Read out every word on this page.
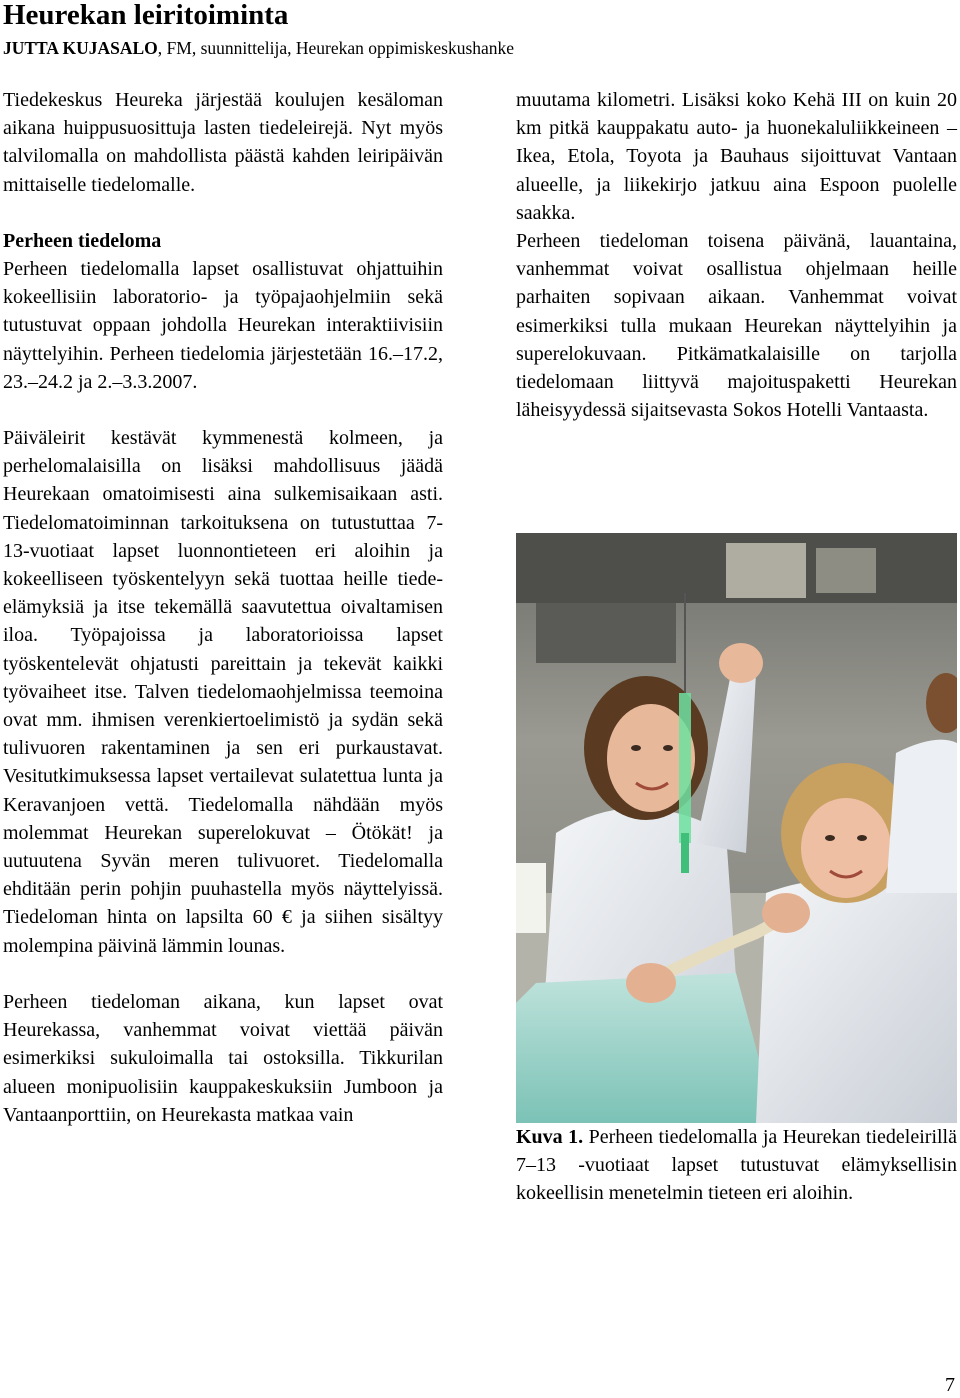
Heurekan leiritoiminta
JUTTA KUJASALO, FM, suunnittelija, Heurekan oppimiskeskushanke

Tiedekeskus Heureka järjestää koulujen kesäloman aikana huippusuosittuja lasten tiedeleirejä. Nyt myös talvilomalla on mahdollista päästä kahden leiripäivän mittaiselle tiedelomalle.

Perheen tiedeloma

Perheen tiedelomalla lapset osallistuvat ohjattuihin kokeellisiin laboratorio- ja työpajaohjelmiin sekä tutustuvat oppaan johdolla Heurekan interaktiivisiin näyttelyihin. Perheen tiedelomia järjestetään 16.–17.2, 23.–24.2 ja 2.–3.3.2007.

Päiväleirit kestävät kymmenestä kolmeen, ja perhelomalaisilla on lisäksi mahdollisuus jäädä Heurekaan omatoimisesti aina sulkemisaikaan asti. Tiedelomatoiminnan tarkoituksena on tutustuttaa 7-13-vuotiaat lapset luonnontieteen eri aloihin ja kokeelliseen työskentelyyn sekä tuottaa heille tiede-elämyksiä ja itse tekemällä saavutettua oivaltamisen iloa. Työpajoissa ja laboratorioissa lapset työskentelevät ohjatusti pareittain ja tekevät kaikki työvaiheet itse. Talven tiedelomaohjelmissa teemoina ovat mm. ihmisen verenkiertoelimistö ja sydän sekä tulivuoren rakentaminen ja sen eri purkaustavat. Vesitutkimuksessa lapset vertailevat sulatettua lunta ja Keravanjoen vettä. Tiedelomalla nähdään myös molemmat Heurekan superelokuvat – Ötökät! ja uutuutena Syvän meren tulivuoret. Tiedelomalla ehditään perin pohjin puuhastella myös näyttelyissä. Tiedeloman hinta on lapsilta 60 € ja siihen sisältyy molempina päivinä lämmin lounas.

Perheen tiedeloman aikana, kun lapset ovat Heurekassa, vanhemmat voivat viettää päivän esimerkiksi sukuloimalla tai ostoksilla. Tikkurilan alueen monipuolisiin kauppakeskuksiin Jumboon ja Vantaanporttiin, on Heurekasta matkaa vain

muutama kilometri. Lisäksi koko Kehä III on kuin 20 km pitkä kauppakatu auto- ja huonekaluliikkeineen – Ikea, Etola, Toyota ja Bauhaus sijoittuvat Vantaan alueelle, ja liikekirjo jatkuu aina Espoon puolelle saakka.

Perheen tiedeloman toisena päivänä, lauantaina, vanhemmat voivat osallistua ohjelmaan heille parhaiten sopivaan aikaan. Vanhemmat voivat esimerkiksi tulla mukaan Heurekan näyttelyihin ja superelokuvaan. Pitkämatkalaisille on tarjolla tiedelomaan liittyvä majoituspaketti Heurekan läheisyydessä sijaitsevasta Sokos Hotelli Vantaasta.

Kuva 1. Perheen tiedelomalla ja Heurekan tiedeleirillä 7–13 -vuotiaat lapset tutustuvat elämyksellisin kokeellisin menetelmin tieteen eri aloihin.

7
